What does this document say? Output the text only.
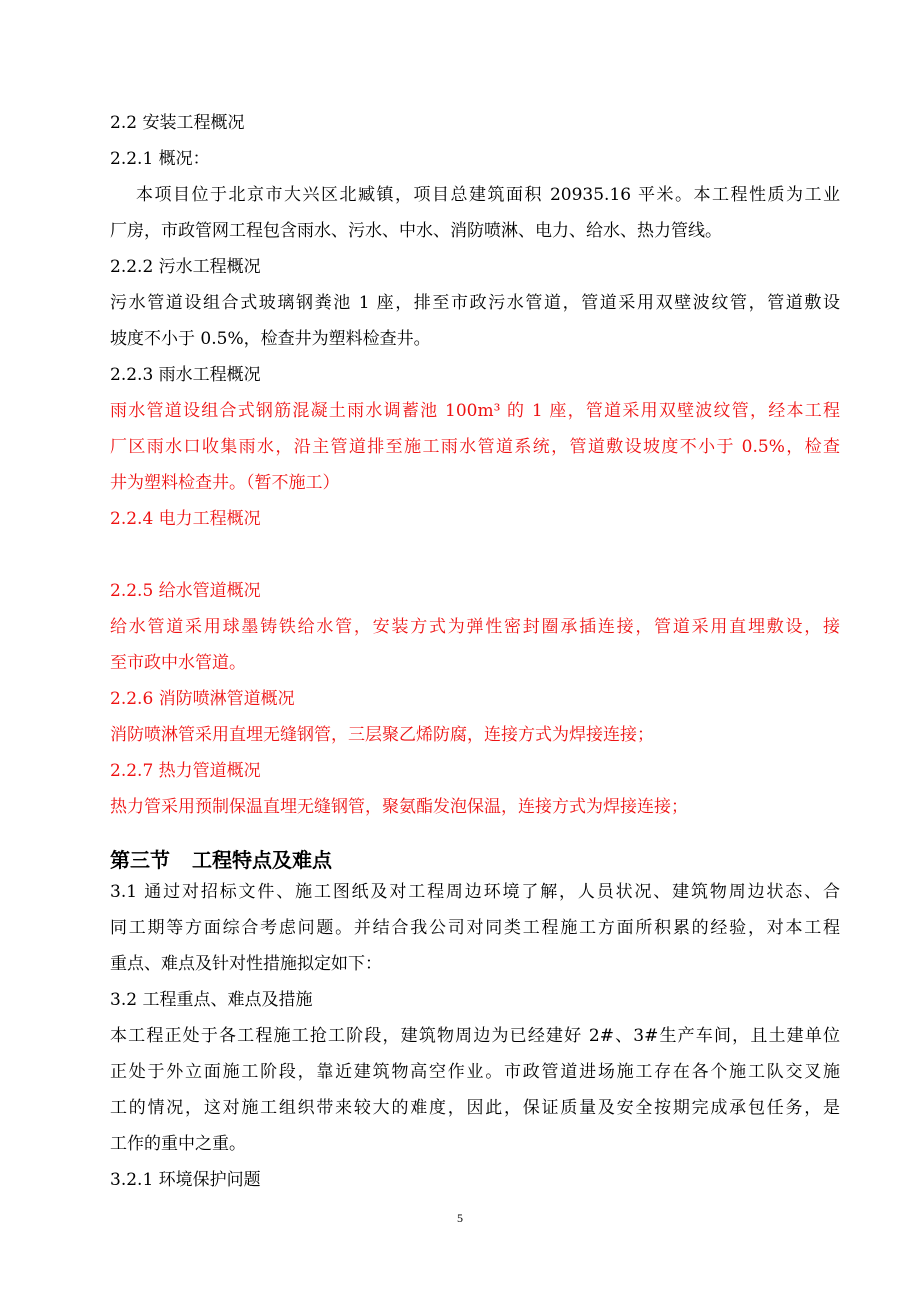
2.2 安装工程概况
2.2.1 概况：
本项目位于北京市大兴区北臧镇，项目总建筑面积 20935.16 平米。本工程性质为工业
厂房，市政管网工程包含雨水、污水、中水、消防喷淋、电力、给水、热力管线。
2.2.2 污水工程概况
污水管道设组合式玻璃钢粪池 1 座，排至市政污水管道，管道采用双壁波纹管，管道敷设
坡度不小于 0.5%，检查井为塑料检查井。
2.2.3 雨水工程概况
雨水管道设组合式钢筋混凝土雨水调蓄池 100m³ 的 1 座，管道采用双壁波纹管，经本工程
厂区雨水口收集雨水，沿主管道排至施工雨水管道系统，管道敷设坡度不小于 0.5%，检查
井为塑料检查井。（暂不施工）
2.2.4 电力工程概况
2.2.5 给水管道概况
给水管道采用球墨铸铁给水管，安装方式为弹性密封圈承插连接，管道采用直埋敷设，接
至市政中水管道。
2.2.6 消防喷淋管道概况
消防喷淋管采用直埋无缝钢管，三层聚乙烯防腐，连接方式为焊接连接；
2.2.7 热力管道概况
热力管采用预制保温直埋无缝钢管，聚氨酯发泡保温，连接方式为焊接连接；
第三节 工程特点及难点
3.1 通过对招标文件、施工图纸及对工程周边环境了解，人员状况、建筑物周边状态、合
同工期等方面综合考虑问题。并结合我公司对同类工程施工方面所积累的经验，对本工程
重点、难点及针对性措施拟定如下：
3.2 工程重点、难点及措施
本工程正处于各工程施工抢工阶段，建筑物周边为已经建好 2#、3#生产车间，且土建单位
正处于外立面施工阶段，靠近建筑物高空作业。市政管道进场施工存在各个施工队交叉施
工的情况，这对施工组织带来较大的难度，因此，保证质量及安全按期完成承包任务，是
工作的重中之重。
3.2.1 环境保护问题
5
